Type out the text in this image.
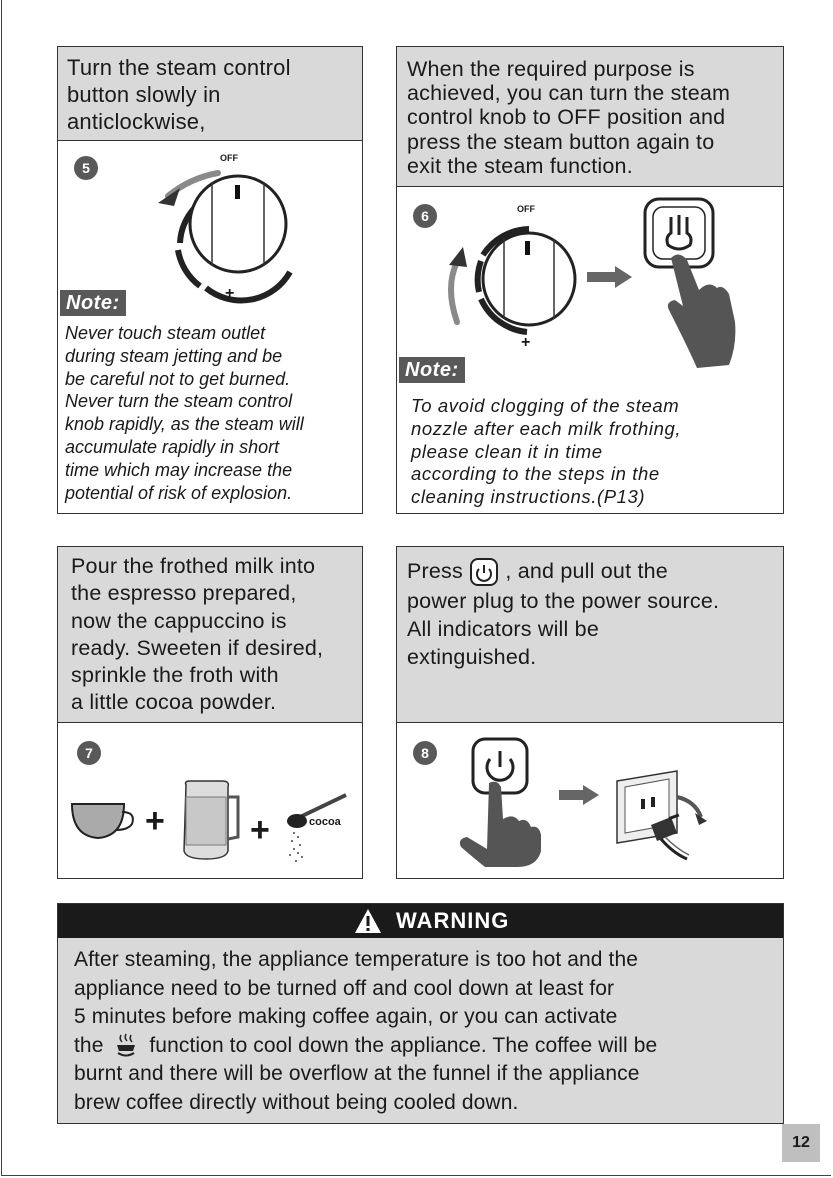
Turn the steam control
button slowly in
anticlockwise,
5
OFF
+
Note:
Never touch steam outlet
during steam jetting and be
be careful not to get burned.
Never turn the steam control
knob rapidly, as the steam will
accumulate rapidly in short
time which may increase the
potential of risk of explosion.
When the required purpose is
achieved, you can turn the steam
control knob to OFF position and
press the steam button again to
exit the steam function.
6	OFF
+
Note:
To avoid clogging of the steam
nozzle after each milk frothing,
please clean it in time
according to the steps in the
cleaning instructions.(P13)
Pour the frothed milk into
the espresso prepared,
now the cappuccino is
ready. Sweeten if desired,
sprinkle the froth with
a little cocoa powder.
7
+	+	cocoa
Press , and pull out the
power plug to the power source.
All indicators will be
extinguished.
8
WARNING
After steaming, the appliance temperature is too hot and the
appliance need to be turned off and cool down at least for
5 minutes before making coffee again, or you can activate
the  function to cool down the appliance. The coffee will be
burnt and there will be overflow at the funnel if the appliance
brew coffee directly without being cooled down.
12
